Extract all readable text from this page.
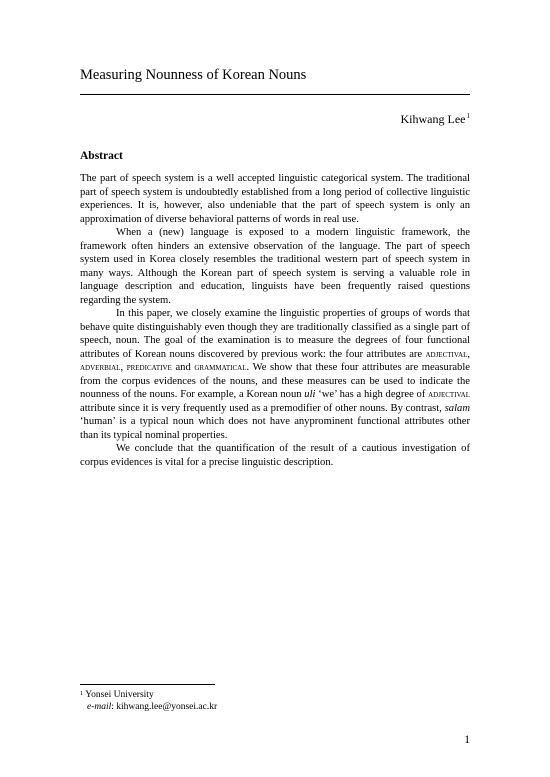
Measuring Nounness of Korean Nouns
Kihwang Lee$^1$
Abstract

The part of speech system is a well accepted linguistic categorical system. The traditional part of speech system is undoubtedly established from a long period of collective linguistic experiences. It is, however, also undeniable that the part of speech system is only an approximation of diverse behavioral patterns of words in real use.

When a (new) language is exposed to a modern linguistic framework, the framework often hinders an extensive observation of the language. The part of speech system used in Korea closely resembles the traditional western part of speech system in many ways. Although the Korean part of speech system is serving a valuable role in language description and education, linguists have been frequently raised questions regarding the system.

In this paper, we closely examine the linguistic properties of groups of words that behave quite distinguishably even though they are traditionally classified as a single part of speech, noun. The goal of the examination is to measure the degrees of four functional attributes of Korean nouns discovered by previous work: the four attributes are adjectival, adverbial, predicative and grammatical. We show that these four attributes are measurable from the corpus evidences of the nouns, and these measures can be used to indicate the nounness of the nouns. For example, a Korean noun uli ‘we’ has a high degree of adjectival attribute since it is very frequently used as a premodifier of other nouns. By contrast, salam ‘human’ is a typical noun which does not have anyprominent functional attributes other than its typical nominal properties.

We conclude that the quantification of the result of a cautious investigation of corpus evidences is vital for a precise linguistic description.

$^1$ Yonsei University
e-mail: kihwang.lee@yonsei.ac.kr
1
